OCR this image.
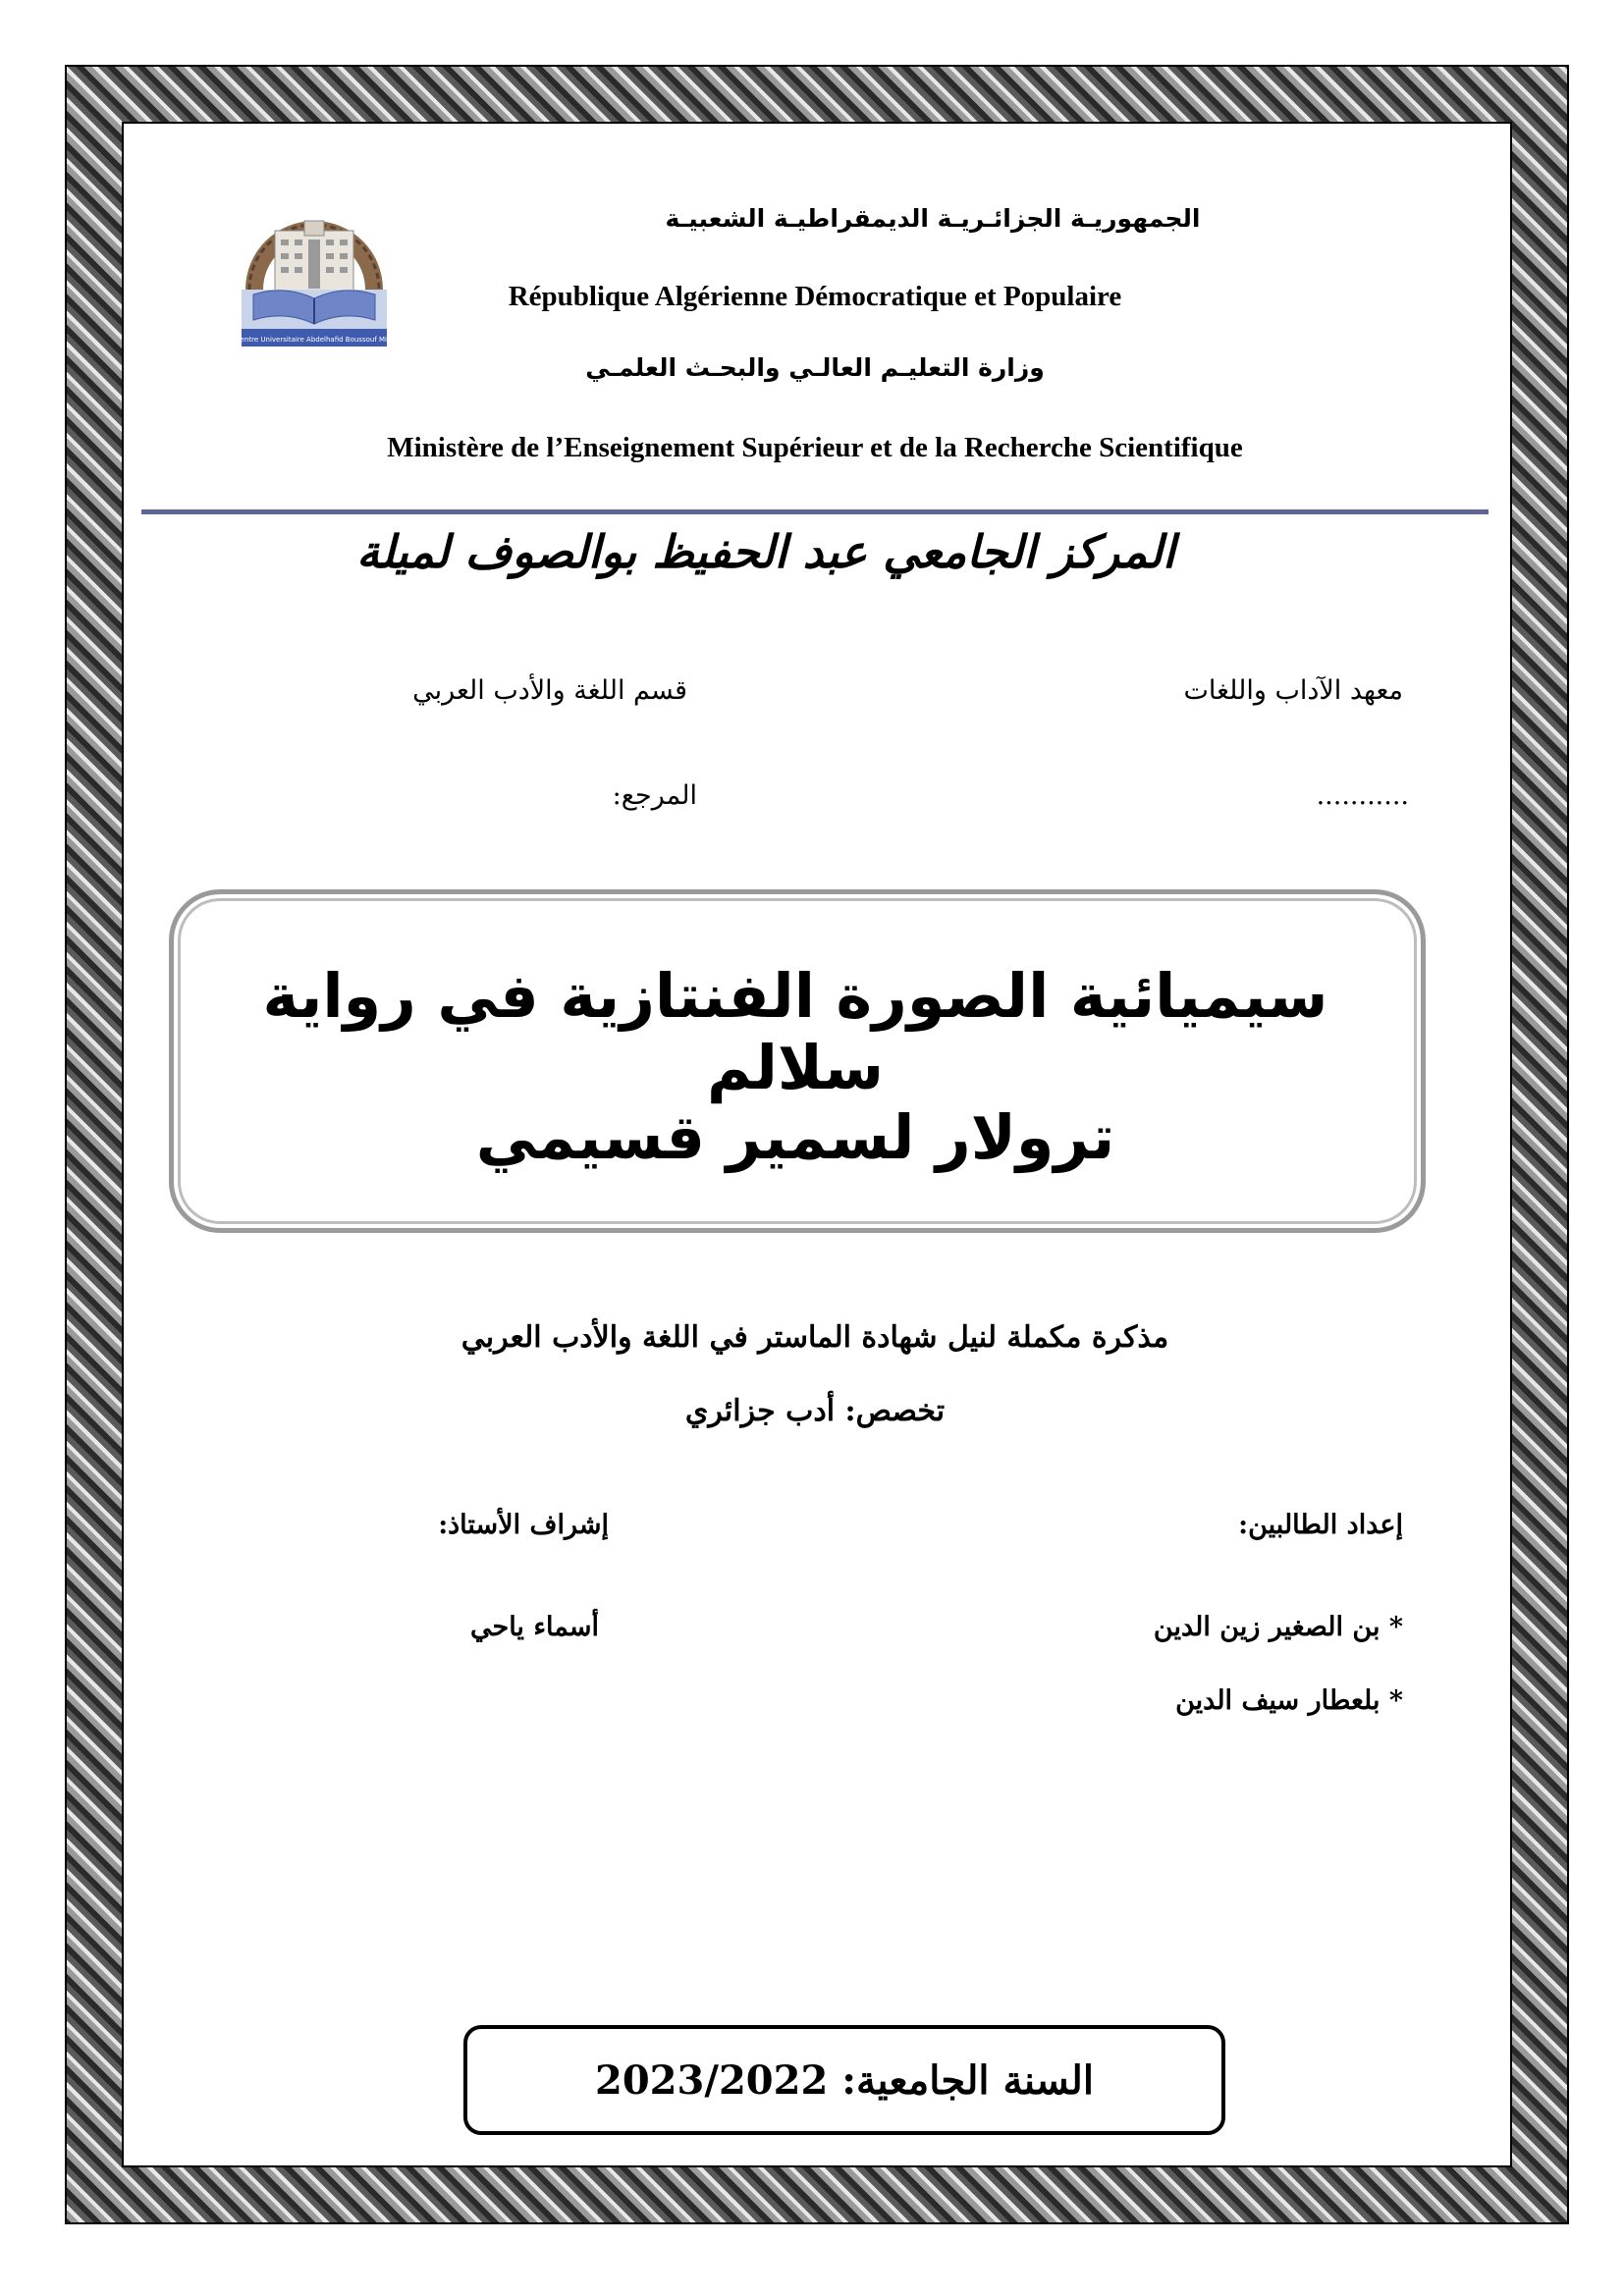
Centre Universitaire Abdelhafid Boussouf Mila
الجمهوريـة الجزائـريـة الديمقراطيـة الشعبيـة
République Algérienne Démocratique et Populaire
وزارة التعليـم العالـي والبحـث العلمـي
Ministère de l’Enseignement Supérieur et de la Recherche Scientifique
المركز الجامعي عبد الحفيظ بوالصوف لميلة
معهد الآداب واللغات
قسم اللغة والأدب العربي
المرجع:	...........
سيميائية الصورة الفنتازية في رواية سلالم
ترولار لسمير قسيمي
مذكرة مكملة لنيل شهادة الماستر في اللغة والأدب العربي
تخصص: أدب جزائري
إعداد الطالبين:
إشراف الأستاذ:
* بن الصغير زين الدين
أسماء ياحي
* بلعطار سيف الدين
السنة الجامعية: 2023/2022
